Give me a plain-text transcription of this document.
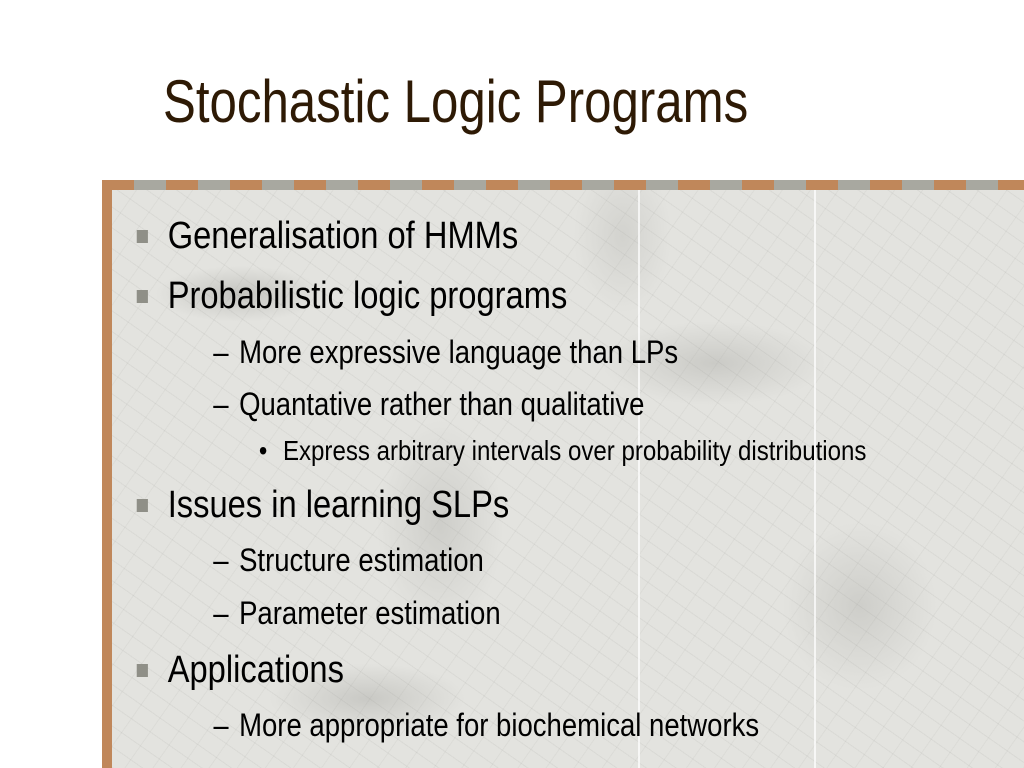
Stochastic Logic Programs
Generalisation of HMMs
Probabilistic logic programs
– More expressive language than LPs
– Quantative rather than qualitative
• Express arbitrary intervals over probability distributions
Issues in learning SLPs
– Structure estimation
– Parameter estimation
Applications
– More appropriate for biochemical networks
